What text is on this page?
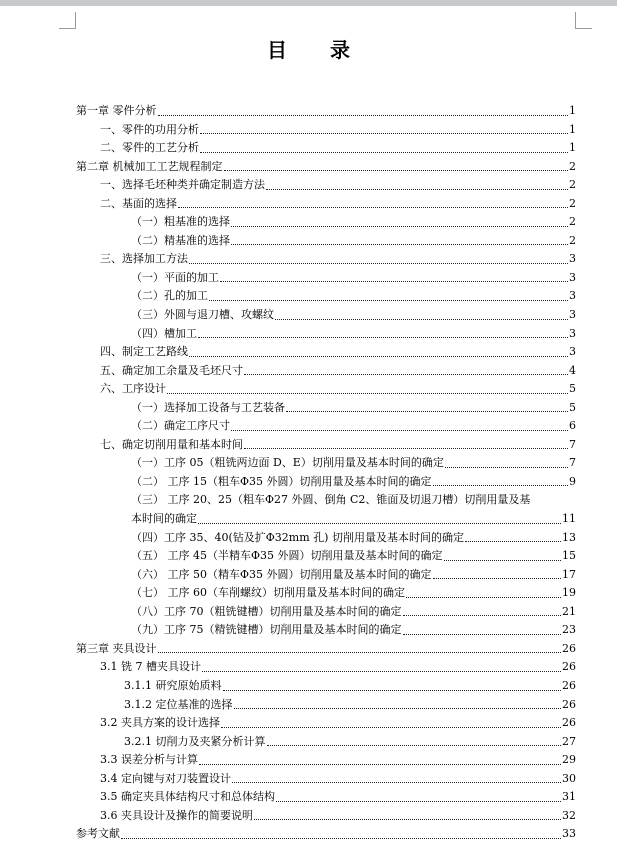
目 录
第一章 零件分析	1
一、零件的功用分析	1
二、零件的工艺分析	1
第二章 机械加工工艺规程制定	2
一、选择毛坯种类并确定制造方法	2
二、基面的选择	2
（一）粗基准的选择	2
（二）精基准的选择	2
三、选择加工方法	3
（一）平面的加工	3
（二）孔的加工	3
（三）外圆与退刀槽、攻螺纹	3
（四）槽加工	3
四、制定工艺路线	3
五、确定加工余量及毛坯尺寸	4
六、工序设计	5
（一）选择加工设备与工艺装备	5
（二）确定工序尺寸	6
七、确定切削用量和基本时间	7
（一）工序 05（粗铣两边面 D、E）切削用量及基本时间的确定	7
（二） 工序 15（粗车Φ35 外圆）切削用量及基本时间的确定	9
（三） 工序 20、25（粗车Φ27 外圆、倒角 C2、锥面及切退刀槽）切削用量及基
本时间的确定	11
（四）工序 35、40(钻及扩Φ32mm 孔) 切削用量及基本时间的确定	13
（五） 工序 45（半精车Φ35 外圆）切削用量及基本时间的确定	15
（六） 工序 50（精车Φ35 外圆）切削用量及基本时间的确定	17
（七） 工序 60（车削螺纹）切削用量及基本时间的确定	19
（八）工序 70（粗铣键槽）切削用量及基本时间的确定	21
（九）工序 75（精铣键槽）切削用量及基本时间的确定	23
第三章 夹具设计	26
3.1 铣 7 槽夹具设计	26
3.1.1 研究原始质料	26
3.1.2 定位基准的选择	26
3.2 夹具方案的设计选择	26
3.2.1 切削力及夹紧分析计算	27
3.3 误差分析与计算	29
3.4 定向键与对刀装置设计	30
3.5 确定夹具体结构尺寸和总体结构	31
3.6 夹具设计及操作的简要说明	32
参考文献	33
